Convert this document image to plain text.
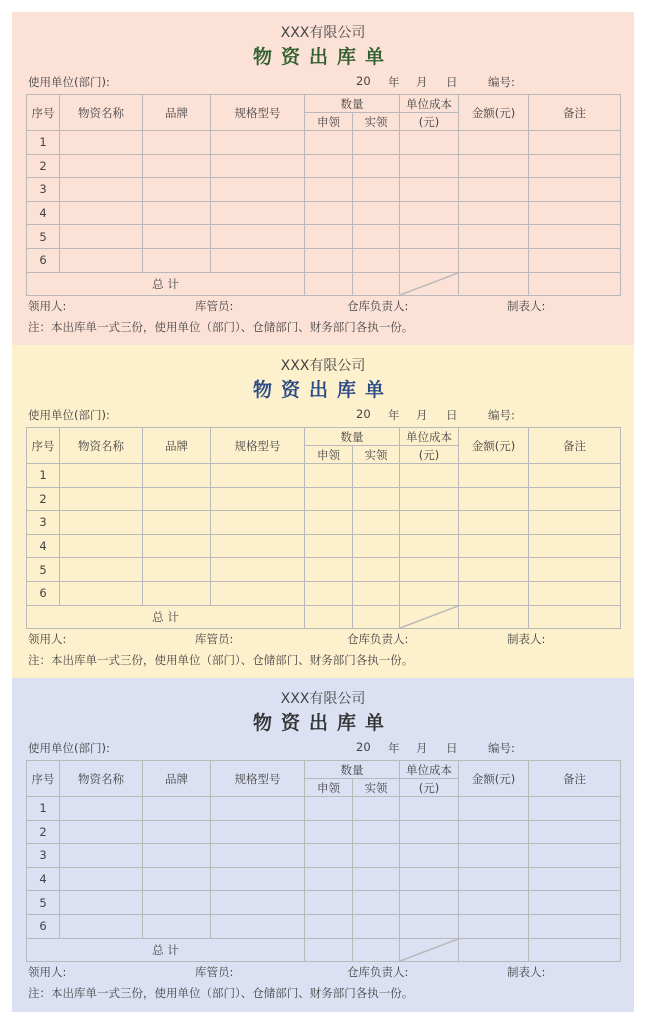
XXX有限公司
物资出库单
使用单位(部门):	20 年 月 日	编号:
序号	物资名称	品牌	规格型号	数量		单位成本	金额(元)	备注
				申领	实领	(元)		
1								
2								
3								
4								
5								
6								
总 计			

领用人:	库管员:	仓库负责人:	制表人:
注：本出库单一式三份，使用单位（部门）、仓储部门、财务部门各执一份。
XXX有限公司
物资出库单
使用单位(部门):	20 年 月 日	编号:
序号	物资名称	品牌	规格型号	数量		单位成本	金额(元)	备注
				申领	实领	(元)		
1								
2								
3								
4								
5								
6								
总 计			

领用人:	库管员:	仓库负责人:	制表人:
注：本出库单一式三份，使用单位（部门）、仓储部门、财务部门各执一份。
XXX有限公司
物资出库单
使用单位(部门):	20 年 月 日	编号:
序号	物资名称	品牌	规格型号	数量		单位成本	金额(元)	备注
				申领	实领	(元)		
1								
2								
3								
4								
5								
6								
总 计			

领用人:	库管员:	仓库负责人:	制表人:
注：本出库单一式三份，使用单位（部门）、仓储部门、财务部门各执一份。
